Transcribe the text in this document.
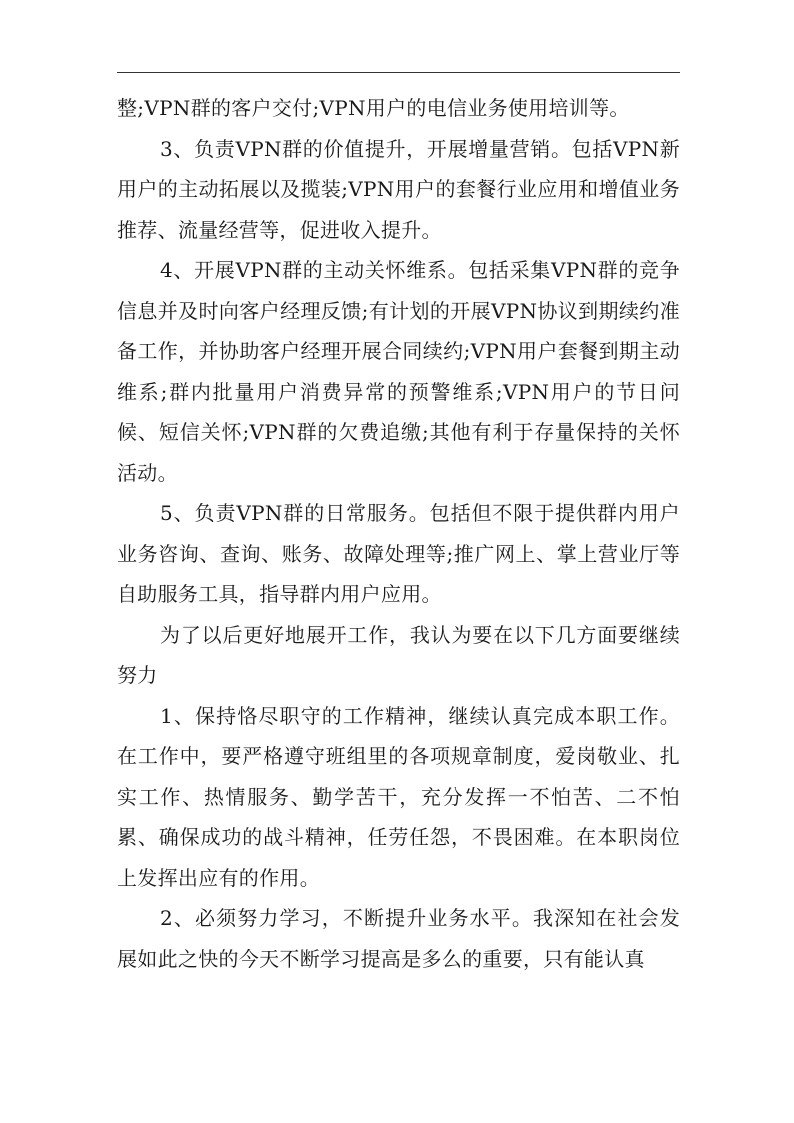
整;VPN群的客户交付;VPN用户的电信业务使用培训等。

3、负责VPN群的价值提升，开展增量营销。包括VPN新用户的主动拓展以及揽装;VPN用户的套餐行业应用和增值业务推荐、流量经营等，促进收入提升。

4、开展VPN群的主动关怀维系。包括采集VPN群的竞争信息并及时向客户经理反馈;有计划的开展VPN协议到期续约准备工作，并协助客户经理开展合同续约;VPN用户套餐到期主动维系;群内批量用户消费异常的预警维系;VPN用户的节日问候、短信关怀;VPN群的欠费追缴;其他有利于存量保持的关怀活动。

5、负责VPN群的日常服务。包括但不限于提供群内用户业务咨询、查询、账务、故障处理等;推广网上、掌上营业厅等自助服务工具，指导群内用户应用。

为了以后更好地展开工作，我认为要在以下几方面要继续努力

1、保持恪尽职守的工作精神，继续认真完成本职工作。在工作中，要严格遵守班组里的各项规章制度，爱岗敬业、扎实工作、热情服务、勤学苦干，充分发挥一不怕苦、二不怕累、确保成功的战斗精神，任劳任怨，不畏困难。在本职岗位上发挥出应有的作用。

2、必须努力学习，不断提升业务水平。我深知在社会发展如此之快的今天不断学习提高是多么的重要，只有能认真
